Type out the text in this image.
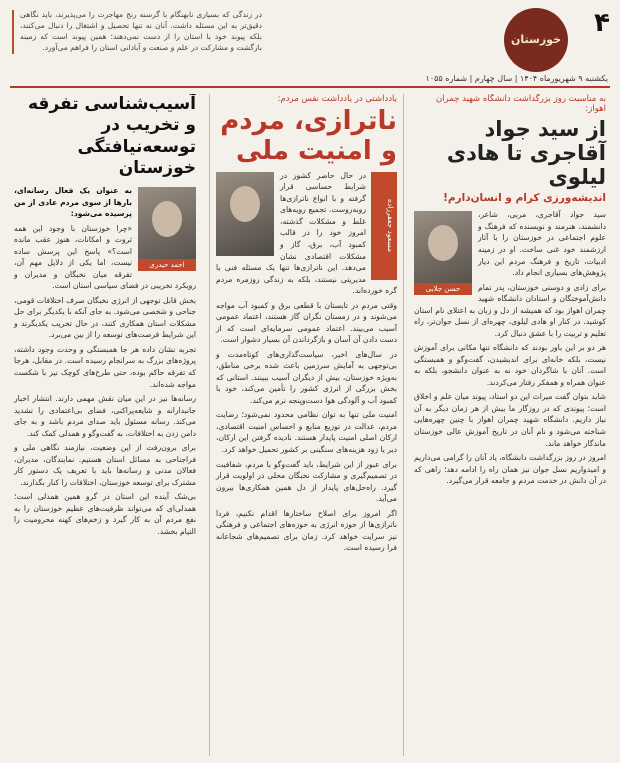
۴
خوزستان
در زندگی که بسیاری نابهنگام با گرسنه رنج مهاجرت را می‌پذیرند، باید نگاهی دقیق‌تر به این مسئله داشت. آنان نه تنها تحصیل و اشتغال را دنبال می‌کنند، بلکه پیوند خود با استان را از دست نمی‌دهند؛ همین پیوند است که زمینه بازگشت و مشارکت در علم و صنعت و آبادانی استان را فراهم می‌آورد.
یکشنبه ۹ شهریورماه ۱۴۰۴ | سال چهارم | شماره ۱۰۵۵
به مناسبت روز بزرگداشت دانشگاه شهید چمران اهواز:
از سید جواد آقاجری تا هادی لیلوی
اندیشه‌ورزی کرام و انسان‌دارم!
حسن جلایی

سید جواد آقاجری، مربی، شاعر، دانشمند، هنرمند و نویسنده که فرهنگ و علوم اجتماعی در خوزستان را با آثار ارزشمند خود غنی ساخت. او در زمینه ادبیات، تاریخ و فرهنگ مردم این دیار پژوهش‌های بسیاری انجام داد.

برای زادی و دوستی خوزستان، پدر تمام دانش‌آموختگان و استادان دانشگاه شهید چمران اهواز بود که همیشه از دل و زبان به اعتلای نام استان کوشید. در کنار او هادی لیلوی، چهره‌ای از نسل جوان‌تر، راه تعلیم و تربیت را با عشق دنبال کرد.

هر دو بر این باور بودند که دانشگاه تنها مکانی برای آموزش نیست، بلکه خانه‌ای برای اندیشیدن، گفت‌وگو و همبستگی است. آنان با شاگردان خود نه به عنوان دانشجو، بلکه به عنوان همراه و همفکر رفتار می‌کردند.

شاید بتوان گفت میراث این دو استاد، پیوند میان علم و اخلاق است؛ پیوندی که در روزگار ما بیش از هر زمان دیگر به آن نیاز داریم. دانشگاه شهید چمران اهواز با چنین چهره‌هایی شناخته می‌شود و نام آنان در تاریخ آموزش عالی خوزستان ماندگار خواهد ماند.

امروز در روز بزرگداشت دانشگاه، یاد آنان را گرامی می‌داریم و امیدواریم نسل جوان نیز همان راه را ادامه دهد؛ راهی که در آن دانش در خدمت مردم و جامعه قرار می‌گیرد.

یادداشتی در یادداشت نفس مردم:
ناترازی، مردم و امنیت ملی
مسعود جعفرزاده

در حال حاضر کشور در شرایط حساسی قرار گرفته و با انواع ناترازی‌ها روبه‌روست. تجمیع رویه‌های غلط و مشکلات گذشته، امروز خود را در قالب کمبود آب، برق، گاز و مشکلات اقتصادی نشان می‌دهد. این ناترازی‌ها تنها یک مسئله فنی یا مدیریتی نیستند، بلکه به زندگی روزمره مردم گره خورده‌اند.

وقتی مردم در تابستان با قطعی برق و کمبود آب مواجه می‌شوند و در زمستان نگران گاز هستند، اعتماد عمومی آسیب می‌بیند. اعتماد عمومی سرمایه‌ای است که از دست دادن آن آسان و بازگرداندن آن بسیار دشوار است.

در سال‌های اخیر، سیاست‌گذاری‌های کوتاه‌مدت و بی‌توجهی به آمایش سرزمین باعث شده برخی مناطق، به‌ویژه خوزستان، بیش از دیگران آسیب ببینند. استانی که بخش بزرگی از انرژی کشور را تأمین می‌کند، خود با کمبود آب و آلودگی هوا دست‌وپنجه نرم می‌کند.

امنیت ملی تنها به توان نظامی محدود نمی‌شود؛ رضایت مردم، عدالت در توزیع منابع و احساس امنیت اقتصادی، ارکان اصلی امنیت پایدار هستند. نادیده گرفتن این ارکان، دیر یا زود هزینه‌های سنگینی بر کشور تحمیل خواهد کرد.

برای عبور از این شرایط، باید گفت‌وگو با مردم، شفافیت در تصمیم‌گیری و مشارکت نخبگان محلی در اولویت قرار گیرد. راه‌حل‌های پایدار از دل همین همکاری‌ها بیرون می‌آید.

اگر امروز برای اصلاح ساختارها اقدام نکنیم، فردا ناترازی‌ها از حوزه انرژی به حوزه‌های اجتماعی و فرهنگی نیز سرایت خواهد کرد. زمان برای تصمیم‌های شجاعانه فرا رسیده است.

آسیب‌شناسی تفرقه و تخریب در توسعه‌نیافتگی خوزستان
احمد حیدری

به عنوان یک فعال رسانه‌ای، بارها از سوی مردم عادی از من پرسیده می‌شود:

«چرا خوزستان با وجود این همه ثروت و امکانات، هنوز عقب مانده است؟» پاسخ این پرسش ساده نیست، اما یکی از دلایل مهم آن، تفرقه میان نخبگان و مدیران و رویکرد تخریبی در فضای سیاسی استان است.

بخش قابل توجهی از انرژی نخبگان صرف اختلافات قومی، جناحی و شخصی می‌شود. به جای آنکه با یکدیگر برای حل مشکلات استان همکاری کنند، در حال تخریب یکدیگرند و این شرایط فرصت‌های توسعه را از بین می‌برد.

تجربه نشان داده هر جا همبستگی و وحدت وجود داشته، پروژه‌های بزرگ به سرانجام رسیده است. در مقابل، هرجا که تفرقه حاکم بوده، حتی طرح‌های کوچک نیز با شکست مواجه شده‌اند.

رسانه‌ها نیز در این میان نقش مهمی دارند. انتشار اخبار جانبدارانه و شایعه‌پراکنی، فضای بی‌اعتمادی را تشدید می‌کند. رسانه مسئول باید صدای مردم باشد و به جای دامن زدن به اختلافات، به گفت‌وگو و همدلی کمک کند.

برای برون‌رفت از این وضعیت، نیازمند نگاهی ملی و فراجناحی به مسائل استان هستیم. نمایندگان، مدیران، فعالان مدنی و رسانه‌ها باید با تعریف یک دستور کار مشترک برای توسعه خوزستان، اختلافات را کنار بگذارند.

بی‌شک آینده این استان در گرو همین همدلی است؛ همدلی‌ای که می‌تواند ظرفیت‌های عظیم خوزستان را به نفع مردم آن به کار گیرد و زخم‌های کهنه محرومیت را التیام بخشد.
